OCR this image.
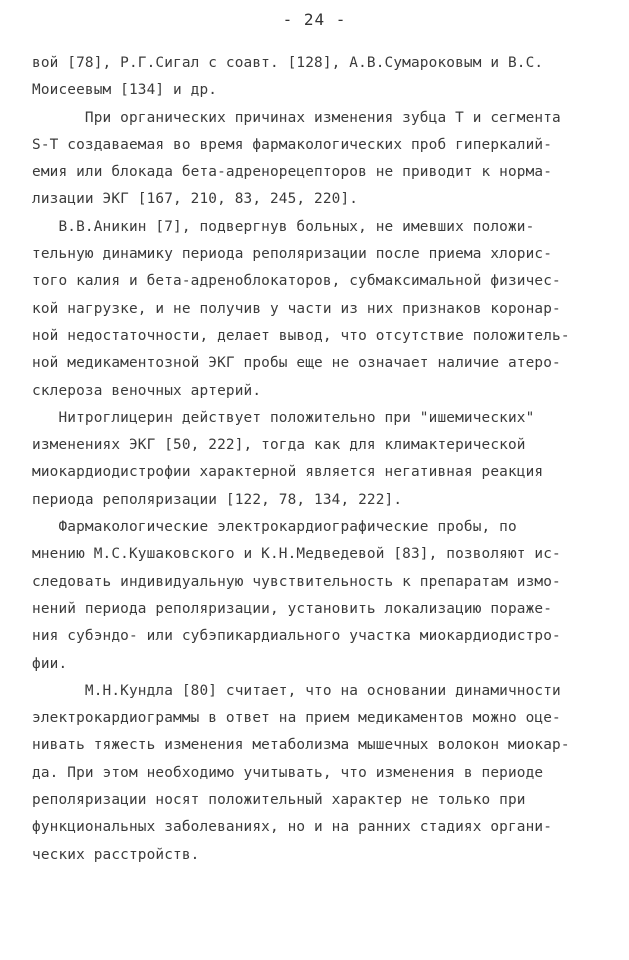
- 24 -
вой [78], Р.Г.Сигал с соавт. [128], А.В.Сумароковым и В.С.
Моисеевым [134] и др.
При органических причинах изменения зубца Т и сегмента
S-T создаваемая во время фармакологических проб гиперкалий-
емия или блокада бета-адренорецепторов не приводит к норма-
лизации ЭКГ [167, 210, 83, 245, 220].
В.В.Аникин [7], подвергнув больных, не имевших положи-
тельную динамику периода реполяризации после приема хлорис-
того калия и бета-адреноблокаторов, субмаксимальной физичес-
кой нагрузке, и не получив у части из них признаков коронар-
ной недостаточности, делает вывод, что отсутствие положитель-
ной медикаментозной ЭКГ пробы еще не означает наличие атеро-
склероза веночных артерий.
Нитроглицерин действует положительно при "ишемических"
изменениях ЭКГ [50, 222], тогда как для климактерической
миокардиодистрофии характерной является негативная реакция
периода реполяризации [122, 78, 134, 222].
Фармакологические электрокардиографические пробы, по
мнению М.С.Кушаковского и К.Н.Медведевой [83], позволяют ис-
следовать индивидуальную чувствительность к препаратам измо-
нений периода реполяризации, установить локализацию пораже-
ния субэндо- или субэпикардиального участка миокардиодистро-
фии.
М.Н.Кундла [80] считает, что на основании динамичности
электрокардиограммы в ответ на прием медикаментов можно оце-
нивать тяжесть изменения метаболизма мышечных волокон миокар-
да. При этом необходимо учитывать, что изменения в периоде
реполяризации носят положительный характер не только при
функциональных заболеваниях, но и на ранних стадиях органи-
ческих расстройств.
